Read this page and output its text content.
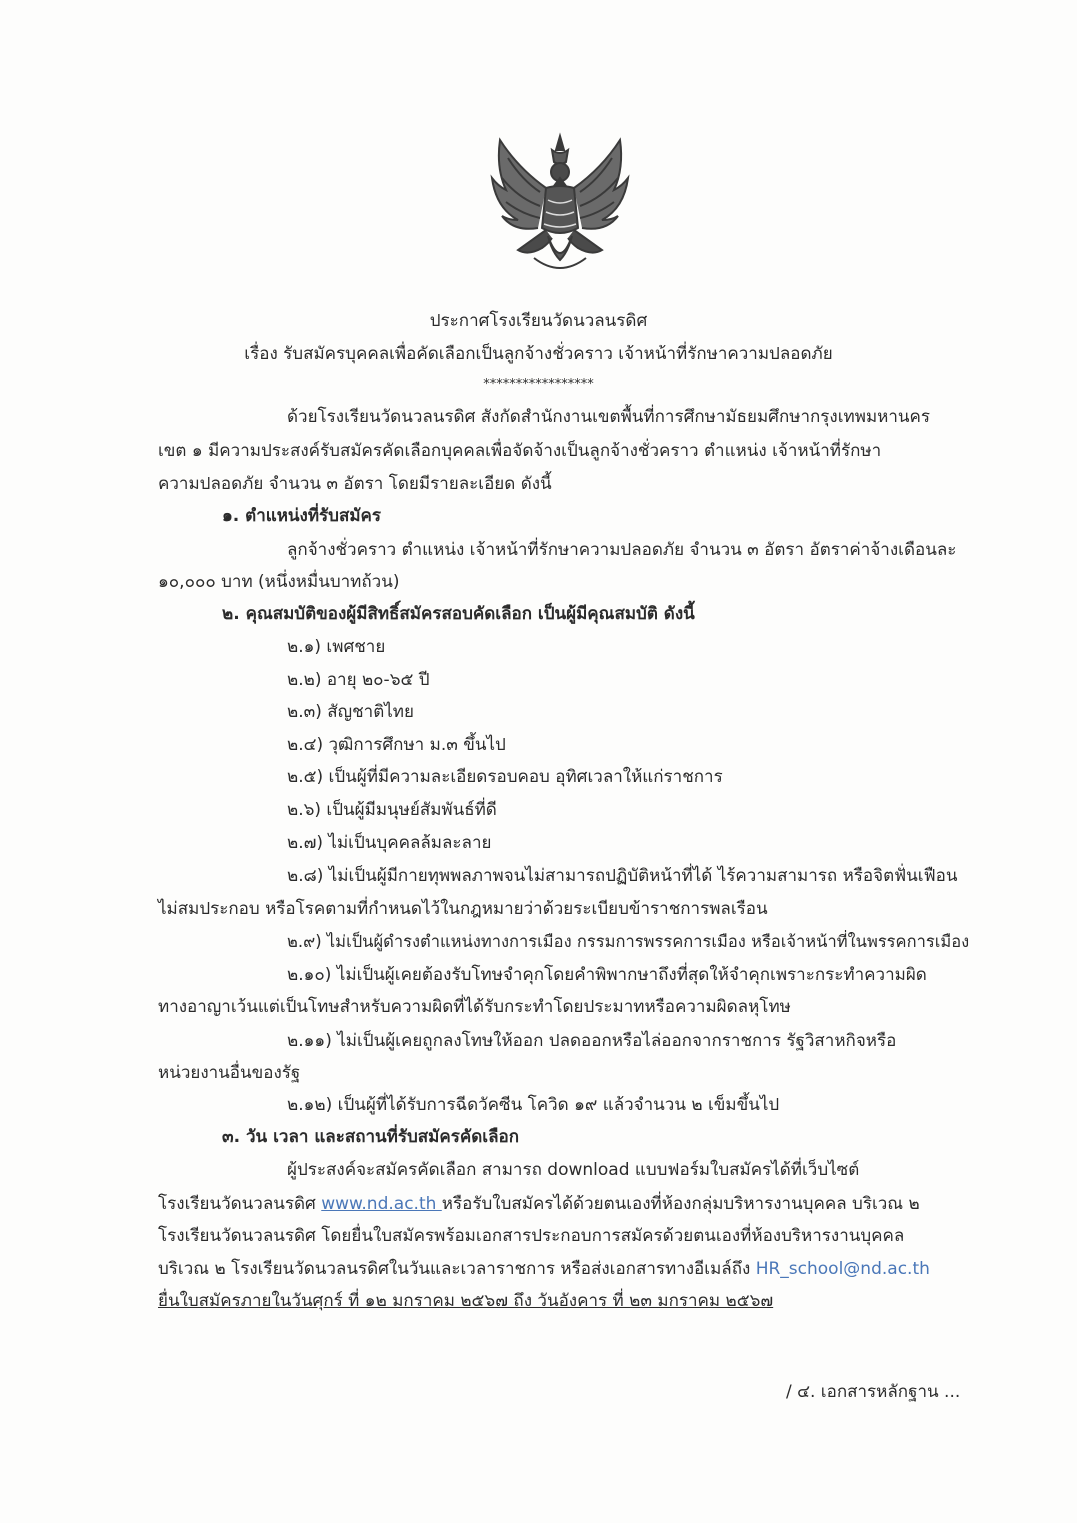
ประกาศโรงเรียนวัดนวลนรดิศ
เรื่อง รับสมัครบุคคลเพื่อคัดเลือกเป็นลูกจ้างชั่วคราว เจ้าหน้าที่รักษาความปลอดภัย
*****************
ด้วยโรงเรียนวัดนวลนรดิศ สังกัดสำนักงานเขตพื้นที่การศึกษามัธยมศึกษากรุงเทพมหานคร
เขต ๑ มีความประสงค์รับสมัครคัดเลือกบุคคลเพื่อจัดจ้างเป็นลูกจ้างชั่วคราว ตำแหน่ง เจ้าหน้าที่รักษา
ความปลอดภัย จำนวน ๓ อัตรา โดยมีรายละเอียด ดังนี้
๑. ตำแหน่งที่รับสมัคร
ลูกจ้างชั่วคราว ตำแหน่ง เจ้าหน้าที่รักษาความปลอดภัย จำนวน ๓ อัตรา อัตราค่าจ้างเดือนละ
๑๐,๐๐๐ บาท (หนึ่งหมื่นบาทถ้วน)
๒. คุณสมบัติของผู้มีสิทธิ์สมัครสอบคัดเลือก เป็นผู้มีคุณสมบัติ ดังนี้
๒.๑) เพศชาย
๒.๒) อายุ ๒๐-๖๕ ปี
๒.๓) สัญชาติไทย
๒.๔) วุฒิการศึกษา ม.๓ ขึ้นไป
๒.๕) เป็นผู้ที่มีความละเอียดรอบคอบ อุทิศเวลาให้แก่ราชการ
๒.๖) เป็นผู้มีมนุษย์สัมพันธ์ที่ดี
๒.๗) ไม่เป็นบุคคลล้มละลาย
๒.๘) ไม่เป็นผู้มีกายทุพพลภาพจนไม่สามารถปฏิบัติหน้าที่ได้ ไร้ความสามารถ หรือจิตฟั่นเฟือน
ไม่สมประกอบ หรือโรคตามที่กำหนดไว้ในกฎหมายว่าด้วยระเบียบข้าราชการพลเรือน
๒.๙) ไม่เป็นผู้ดำรงตำแหน่งทางการเมือง กรรมการพรรคการเมือง หรือเจ้าหน้าที่ในพรรคการเมือง
๒.๑๐) ไม่เป็นผู้เคยต้องรับโทษจำคุกโดยคำพิพากษาถึงที่สุดให้จำคุกเพราะกระทำความผิด
ทางอาญาเว้นแต่เป็นโทษสำหรับความผิดที่ได้รับกระทำโดยประมาทหรือความผิดลหุโทษ
๒.๑๑) ไม่เป็นผู้เคยถูกลงโทษให้ออก ปลดออกหรือไล่ออกจากราชการ รัฐวิสาหกิจหรือ
หน่วยงานอื่นของรัฐ
๒.๑๒) เป็นผู้ที่ได้รับการฉีดวัคซีน โควิด ๑๙ แล้วจำนวน ๒ เข็มขึ้นไป
๓. วัน เวลา และสถานที่รับสมัครคัดเลือก
ผู้ประสงค์จะสมัครคัดเลือก สามารถ download แบบฟอร์มใบสมัครได้ที่เว็บไซต์
โรงเรียนวัดนวลนรดิศ www.nd.ac.th หรือรับใบสมัครได้ด้วยตนเองที่ห้องกลุ่มบริหารงานบุคคล บริเวณ ๒
โรงเรียนวัดนวลนรดิศ โดยยื่นใบสมัครพร้อมเอกสารประกอบการสมัครด้วยตนเองที่ห้องบริหารงานบุคคล
บริเวณ ๒ โรงเรียนวัดนวลนรดิศในวันและเวลาราชการ หรือส่งเอกสารทางอีเมล์ถึง HR_school@nd.ac.th
ยื่นใบสมัครภายในวันศุกร์ ที่ ๑๒ มกราคม ๒๕๖๗ ถึง วันอังคาร ที่ ๒๓ มกราคม ๒๕๖๗
/ ๔. เอกสารหลักฐาน ...
